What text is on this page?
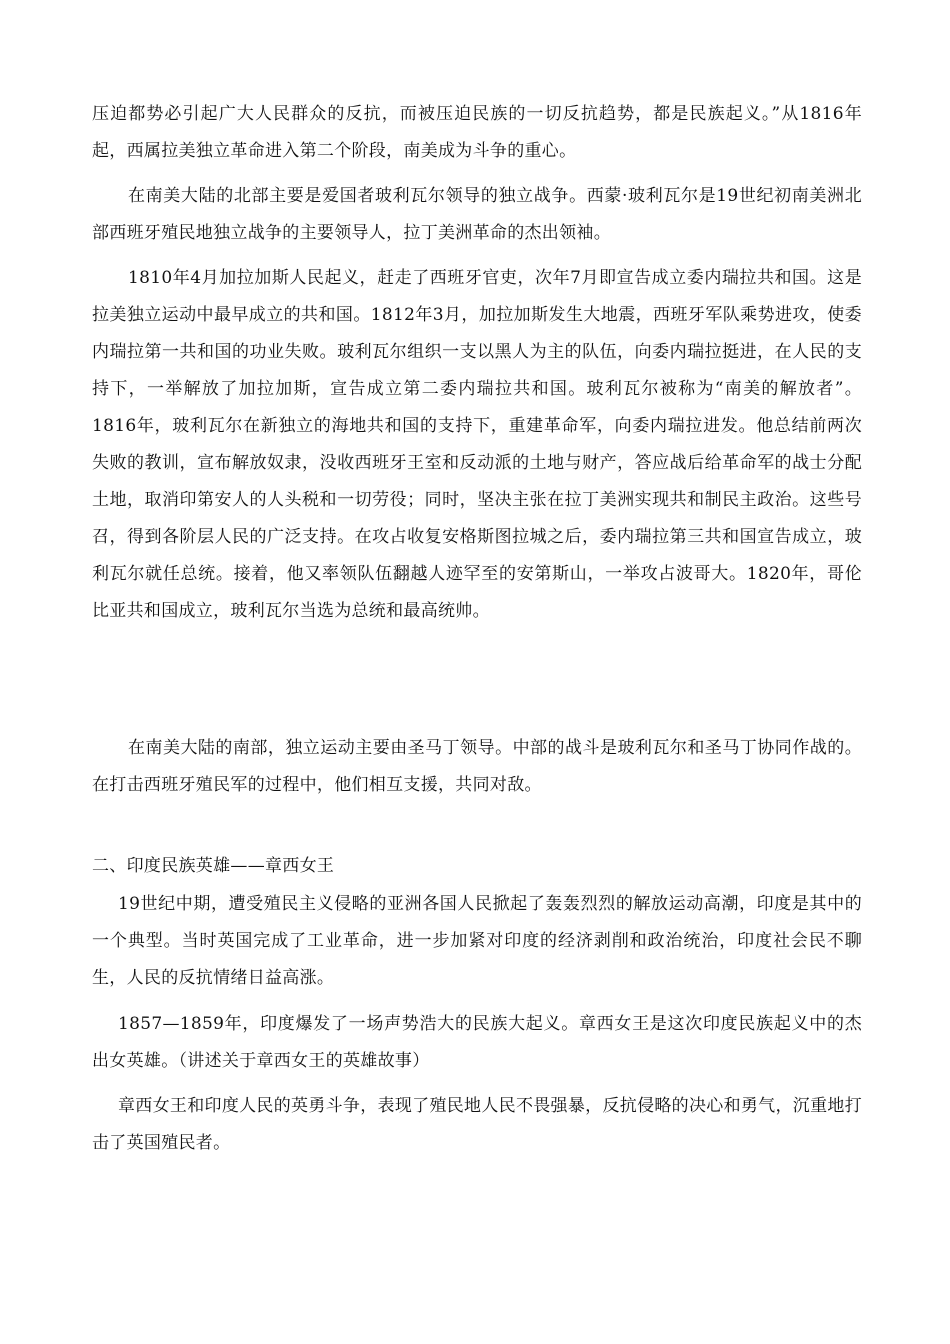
压迫都势必引起广大人民群众的反抗，而被压迫民族的一切反抗趋势，都是民族起义。”从1816年起，西属拉美独立革命进入第二个阶段，南美成为斗争的重心。

在南美大陆的北部主要是爱国者玻利瓦尔领导的独立战争。西蒙·玻利瓦尔是19世纪初南美洲北部西班牙殖民地独立战争的主要领导人，拉丁美洲革命的杰出领袖。

1810年4月加拉加斯人民起义，赶走了西班牙官吏，次年7月即宣告成立委内瑞拉共和国。这是拉美独立运动中最早成立的共和国。1812年3月，加拉加斯发生大地震，西班牙军队乘势进攻，使委内瑞拉第一共和国的功业失败。玻利瓦尔组织一支以黑人为主的队伍，向委内瑞拉挺进，在人民的支持下，一举解放了加拉加斯，宣告成立第二委内瑞拉共和国。玻利瓦尔被称为“南美的解放者”。1816年，玻利瓦尔在新独立的海地共和国的支持下，重建革命军，向委内瑞拉进发。他总结前两次失败的教训，宣布解放奴隶，没收西班牙王室和反动派的土地与财产，答应战后给革命军的战士分配土地，取消印第安人的人头税和一切劳役；同时，坚决主张在拉丁美洲实现共和制民主政治。这些号召，得到各阶层人民的广泛支持。在攻占收复安格斯图拉城之后，委内瑞拉第三共和国宣告成立，玻利瓦尔就任总统。接着，他又率领队伍翻越人迹罕至的安第斯山，一举攻占波哥大。1820年，哥伦比亚共和国成立，玻利瓦尔当选为总统和最高统帅。

在南美大陆的南部，独立运动主要由圣马丁领导。中部的战斗是玻利瓦尔和圣马丁协同作战的。在打击西班牙殖民军的过程中，他们相互支援，共同对敌。

二、印度民族英雄——章西女王

19世纪中期，遭受殖民主义侵略的亚洲各国人民掀起了轰轰烈烈的解放运动高潮，印度是其中的一个典型。当时英国完成了工业革命，进一步加紧对印度的经济剥削和政治统治，印度社会民不聊生，人民的反抗情绪日益高涨。

1857—1859年，印度爆发了一场声势浩大的民族大起义。章西女王是这次印度民族起义中的杰出女英雄。（讲述关于章西女王的英雄故事）

章西女王和印度人民的英勇斗争，表现了殖民地人民不畏强暴，反抗侵略的决心和勇气，沉重地打击了英国殖民者。
